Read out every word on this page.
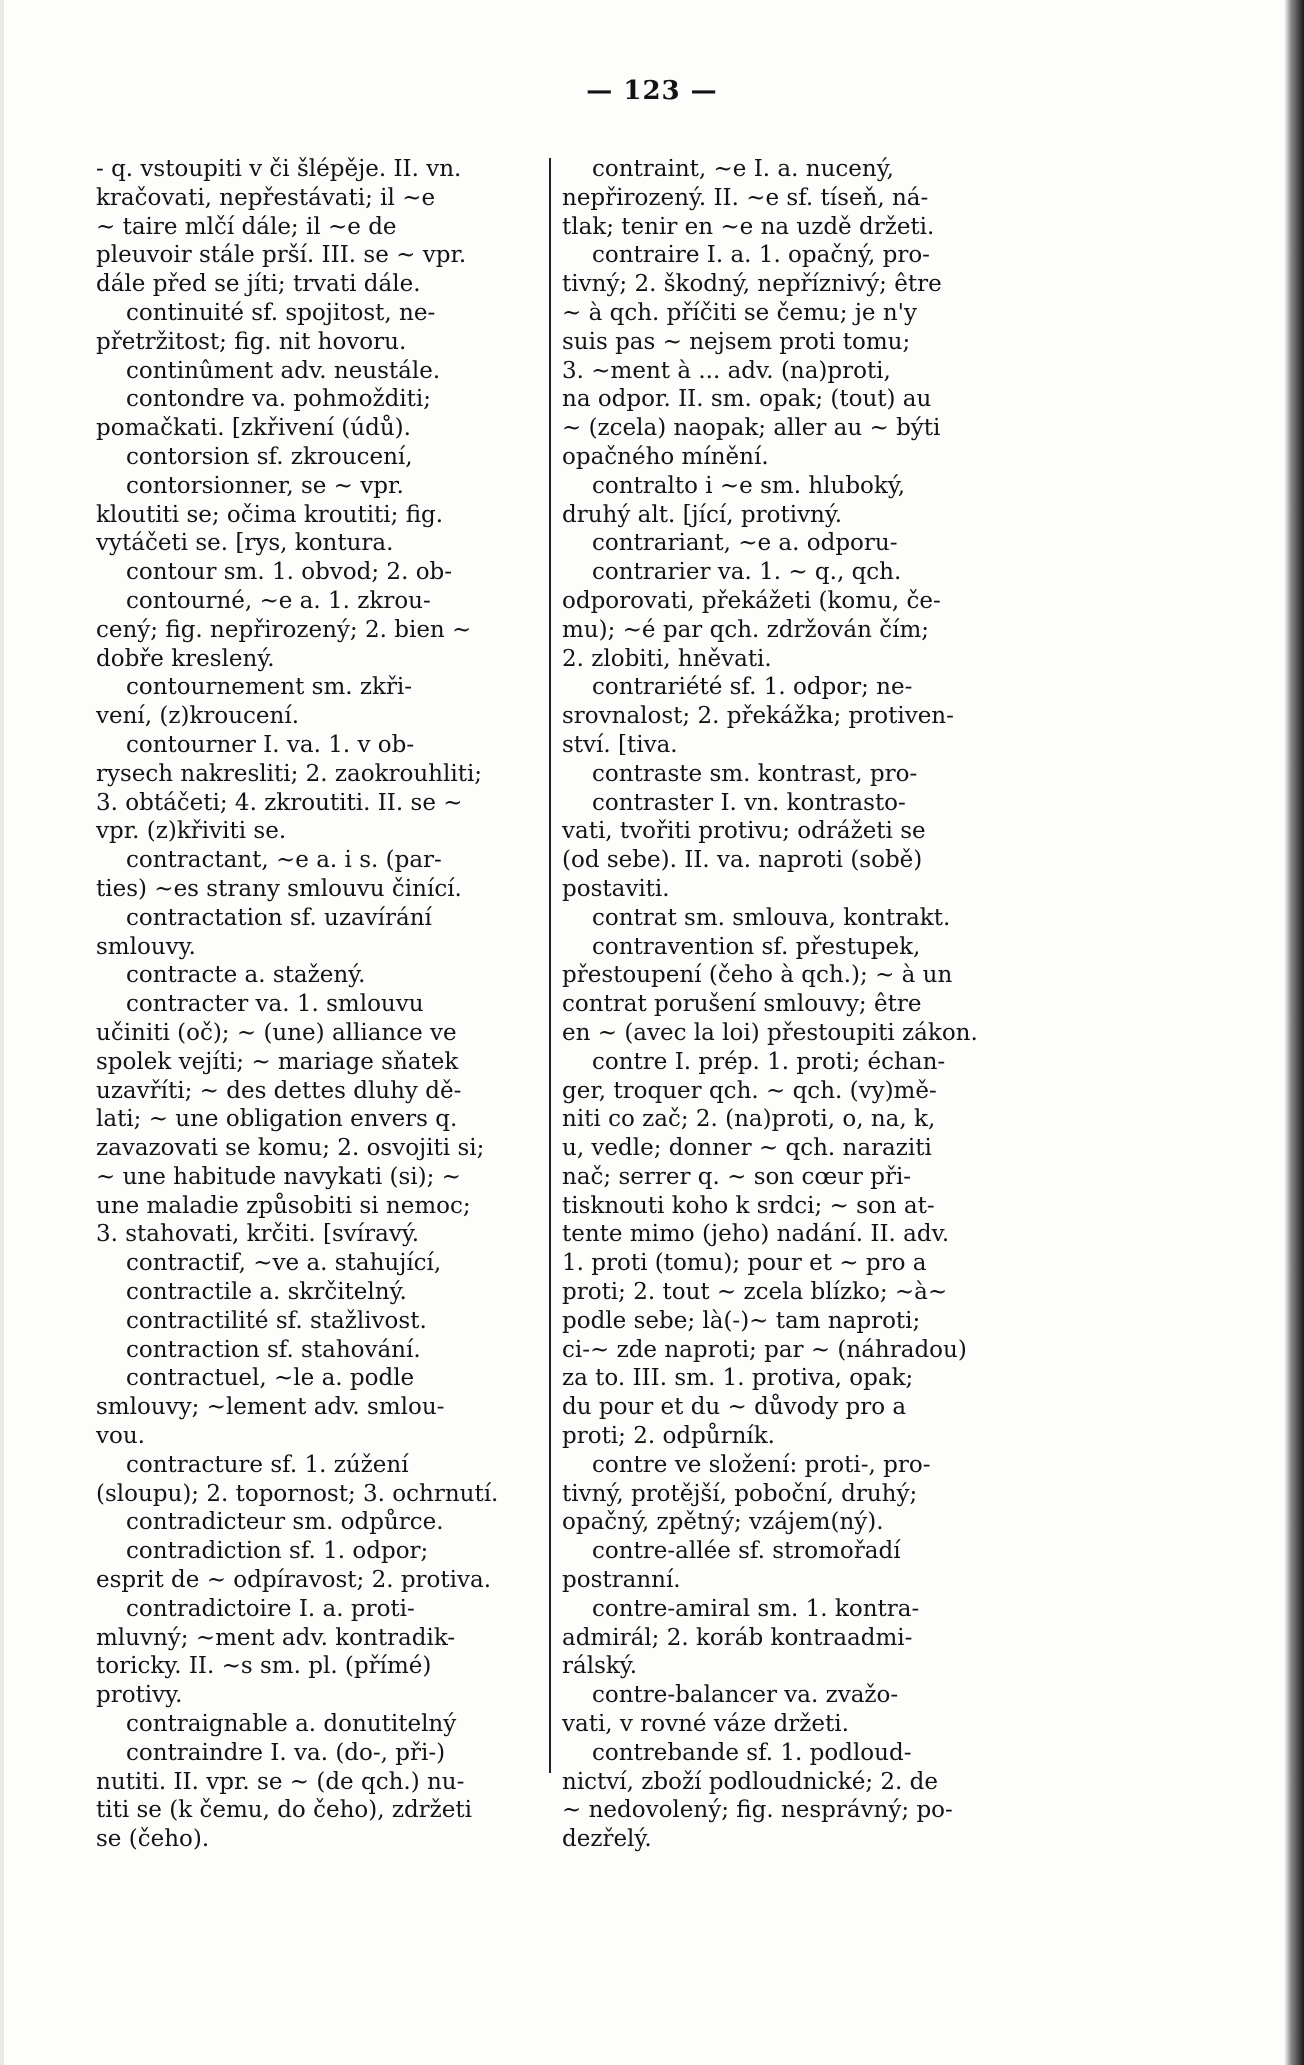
— 123 —
- q. vstoupiti v či šlépěje. II. vn.
kračovati, nepřestávati; il ~e
~ taire mlčí dále; il ~e de
pleuvoir stále prší. III. se ~ vpr.
dále před se jíti; trvati dále.
continuité sf. spojitost, ne-
přetržitost; fig. nit hovoru.
continûment adv. neustále.
contondre va. pohmožditi;
pomačkati. [zkřivení (údů).
contorsion sf. zkroucení,
contorsionner, se ~ vpr.
kloutiti se; očima kroutiti; fig.
vytáčeti se. [rys, kontura.
contour sm. 1. obvod; 2. ob-
contourné, ~e a. 1. zkrou-
cený; fig. nepřirozený; 2. bien ~
dobře kreslený.
contournement sm. zkři-
vení, (z)kroucení.
contourner I. va. 1. v ob-
rysech nakresliti; 2. zaokrouhliti;
3. obtáčeti; 4. zkroutiti. II. se ~
vpr. (z)křiviti se.
contractant, ~e a. i s. (par-
ties) ~es strany smlouvu činící.
contractation sf. uzavírání
smlouvy.
contracte a. stažený.
contracter va. 1. smlouvu
učiniti (oč); ~ (une) alliance ve
spolek vejíti; ~ mariage sňatek
uzavříti; ~ des dettes dluhy dě-
lati; ~ une obligation envers q.
zavazovati se komu; 2. osvojiti si;
~ une habitude navykati (si); ~
une maladie způsobiti si nemoc;
3. stahovati, krčiti. [svíravý.
contractif, ~ve a. stahující,
contractile a. skrčitelný.
contractilité sf. stažlivost.
contraction sf. stahování.
contractuel, ~le a. podle
smlouvy; ~lement adv. smlou-
vou.
contracture sf. 1. zúžení
(sloupu); 2. topornost; 3. ochrnutí.
contradicteur sm. odpůrce.
contradiction sf. 1. odpor;
esprit de ~ odpíravost; 2. protiva.
contradictoire I. a. proti-
mluvný; ~ment adv. kontradik-
toricky. II. ~s sm. pl. (přímé)
protivy.
contraignable a. donutitelný
contraindre I. va. (do-, při-)
nutiti. II. vpr. se ~ (de qch.) nu-
titi se (k čemu, do čeho), zdržeti
se (čeho).
contraint, ~e I. a. nucený,
nepřirozený. II. ~e sf. tíseň, ná-
tlak; tenir en ~e na uzdě držeti.
contraire I. a. 1. opačný, pro-
tivný; 2. škodný, nepříznivý; être
~ à qch. příčiti se čemu; je n'y
suis pas ~ nejsem proti tomu;
3. ~ment à ... adv. (na)proti,
na odpor. II. sm. opak; (tout) au
~ (zcela) naopak; aller au ~ býti
opačného mínění.
contralto i ~e sm. hluboký,
druhý alt. [jící, protivný.
contrariant, ~e a. odporu-
contrarier va. 1. ~ q., qch.
odporovati, překážeti (komu, če-
mu); ~é par qch. zdržován čím;
2. zlobiti, hněvati.
contrariété sf. 1. odpor; ne-
srovnalost; 2. překážka; protiven-
ství. [tiva.
contraste sm. kontrast, pro-
contraster I. vn. kontrasto-
vati, tvořiti protivu; odrážeti se
(od sebe). II. va. naproti (sobě)
postaviti.
contrat sm. smlouva, kontrakt.
contravention sf. přestupek,
přestoupení (čeho à qch.); ~ à un
contrat porušení smlouvy; être
en ~ (avec la loi) přestoupiti zákon.
contre I. prép. 1. proti; échan-
ger, troquer qch. ~ qch. (vy)mě-
niti co zač; 2. (na)proti, o, na, k,
u, vedle; donner ~ qch. naraziti
nač; serrer q. ~ son cœur při-
tisknouti koho k srdci; ~ son at-
tente mimo (jeho) nadání. II. adv.
1. proti (tomu); pour et ~ pro a
proti; 2. tout ~ zcela blízko; ~à~
podle sebe; là(-)~ tam naproti;
ci-~ zde naproti; par ~ (náhradou)
za to. III. sm. 1. protiva, opak;
du pour et du ~ důvody pro a
proti; 2. odpůrník.
contre ve složení: proti-, pro-
tivný, protější, poboční, druhý;
opačný, zpětný; vzájem(ný).
contre-allée sf. stromořadí
postranní.
contre-amiral sm. 1. kontra-
admirál; 2. koráb kontraadmi-
rálský.
contre-balancer va. zvažo-
vati, v rovné váze držeti.
contrebande sf. 1. podloud-
nictví, zboží podloudnické; 2. de
~ nedovolený; fig. nesprávný; po-
dezřelý.
